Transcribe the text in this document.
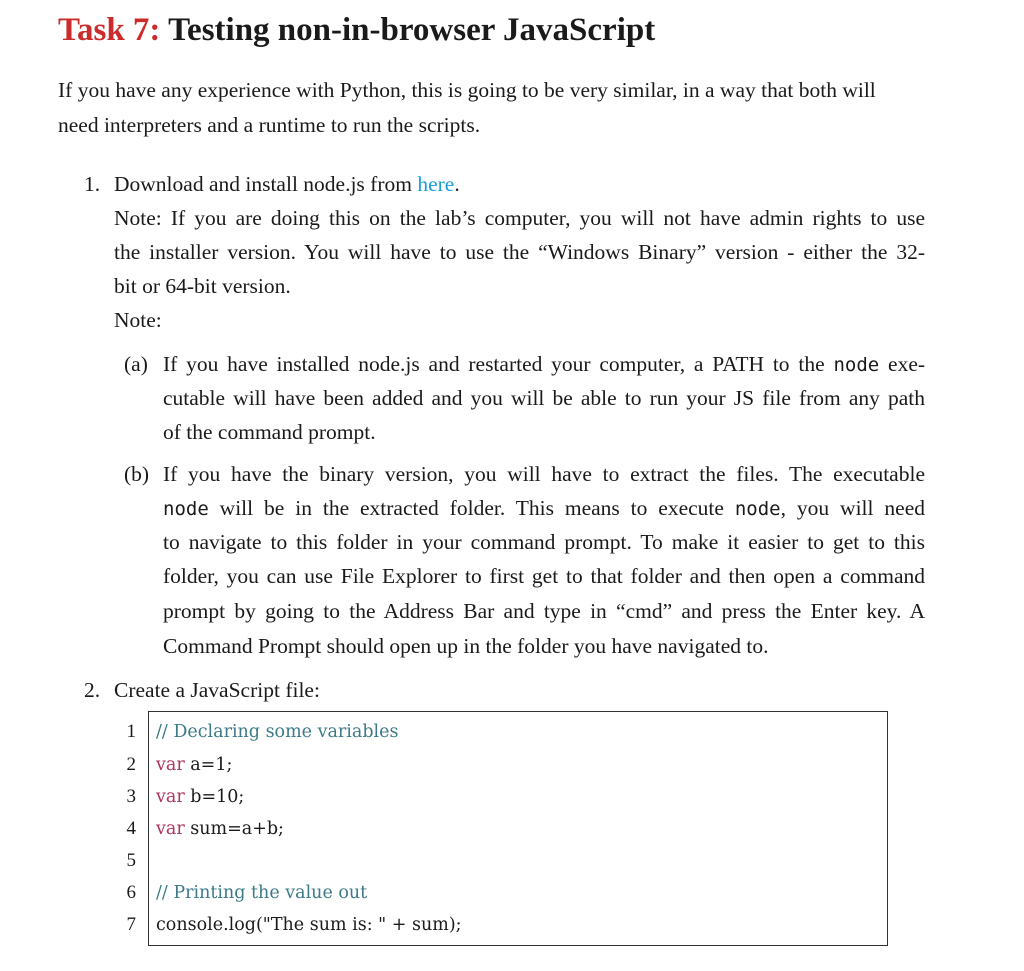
Task 7: Testing non-in-browser JavaScript

If you have any experience with Python, this is going to be very similar, in a way that both will
need interpreters and a runtime to run the scripts.

1. Download and install node.js from here.
Note: If you are doing this on the lab’s computer, you will not have admin rights to use
the installer version. You will have to use the “Windows Binary” version - either the 32-
bit or 64-bit version.
Note:
(a) If you have installed node.js and restarted your computer, a PATH to the node exe-
cutable will have been added and you will be able to run your JS file from any path
of the command prompt.
(b) If you have the binary version, you will have to extract the files. The executable
node will be in the extracted folder. This means to execute node, you will need
to navigate to this folder in your command prompt. To make it easier to get to this
folder, you can use File Explorer to first get to that folder and then open a command
prompt by going to the Address Bar and type in “cmd” and press the Enter key. A
Command Prompt should open up in the folder you have navigated to.
2. Create a JavaScript file:
1
2
3
4
5
6
7
// Declaring some variables
var a=1;
var b=10;
var sum=a+b;
// Printing the value out
console.log("The sum is: " + sum);
